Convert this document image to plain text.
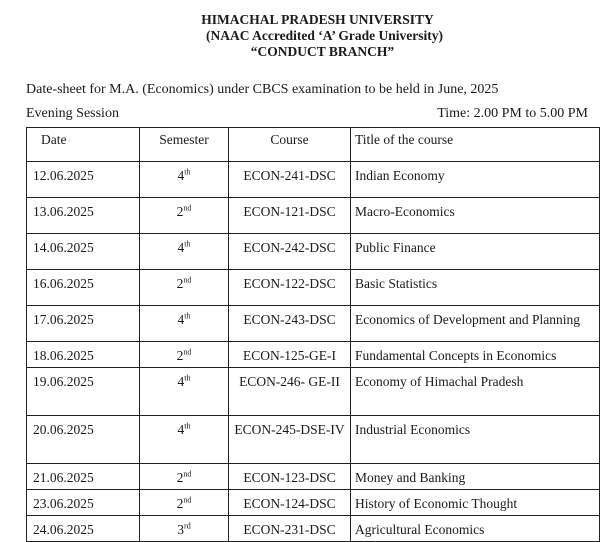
HIMACHAL PRADESH UNIVERSITY
(NAAC Accredited ‘A’ Grade University)
“CONDUCT BRANCH”
Date-sheet for M.A. (Economics) under CBCS examination to be held in June, 2025
Evening Session	Time: 2.00 PM to 5.00 PM
Date	Semester	Course	Title of the course
12.06.2025	4th	ECON-241-DSC	Indian Economy
13.06.2025	2nd	ECON-121-DSC	Macro-Economics
14.06.2025	4th	ECON-242-DSC	Public Finance
16.06.2025	2nd	ECON-122-DSC	Basic Statistics
17.06.2025	4th	ECON-243-DSC	Economics of Development and Planning
18.06.2025	2nd	ECON-125-GE-I	Fundamental Concepts in Economics
19.06.2025	4th	ECON-246- GE-II	Economy of Himachal Pradesh
20.06.2025	4th	ECON-245-DSE-IV	Industrial Economics
21.06.2025	2nd	ECON-123-DSC	Money and Banking
23.06.2025	2nd	ECON-124-DSC	History of Economic Thought
24.06.2025	3rd	ECON-231-DSC	Agricultural Economics
